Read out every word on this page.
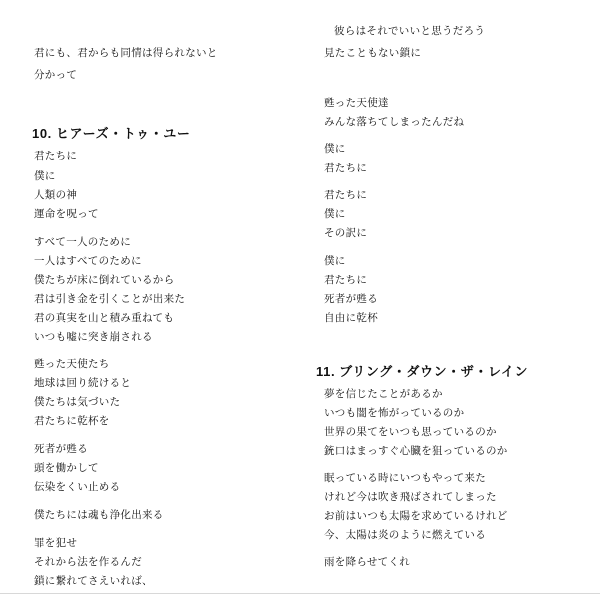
君にも、君からも同情は得られないと
分かって
10. ヒアーズ・トゥ・ユー
君たちに
僕に
人類の神
運命を呪って
すべて一人のために
一人はすべてのために
僕たちが床に倒れているから
君は引き金を引くことが出来た
君の真実を山と積み重ねても
いつも嘘に突き崩される
甦った天使たち
地球は回り続けると
僕たちは気づいた
君たちに乾杯を
死者が甦る
頭を働かして
伝染をくい止める
僕たちには魂も浄化出来る
罪を犯せ
それから法を作るんだ
鎖に繋れてさえいれば、
彼らはそれでいいと思うだろう
見たこともない鎖に
甦った天使達
みんな落ちてしまったんだね
僕に
君たちに
君たちに
僕に
その訳に
僕に
君たちに
死者が甦る
自由に乾杯
11. ブリング・ダウン・ザ・レイン
夢を信じたことがあるか
いつも闇を怖がっているのか
世界の果てをいつも思っているのか
銃口はまっすぐ心臓を狙っているのか
眠っている時にいつもやって来た
けれど今は吹き飛ばされてしまった
お前はいつも太陽を求めているけれど
今、太陽は炎のように燃えている
雨を降らせてくれ
